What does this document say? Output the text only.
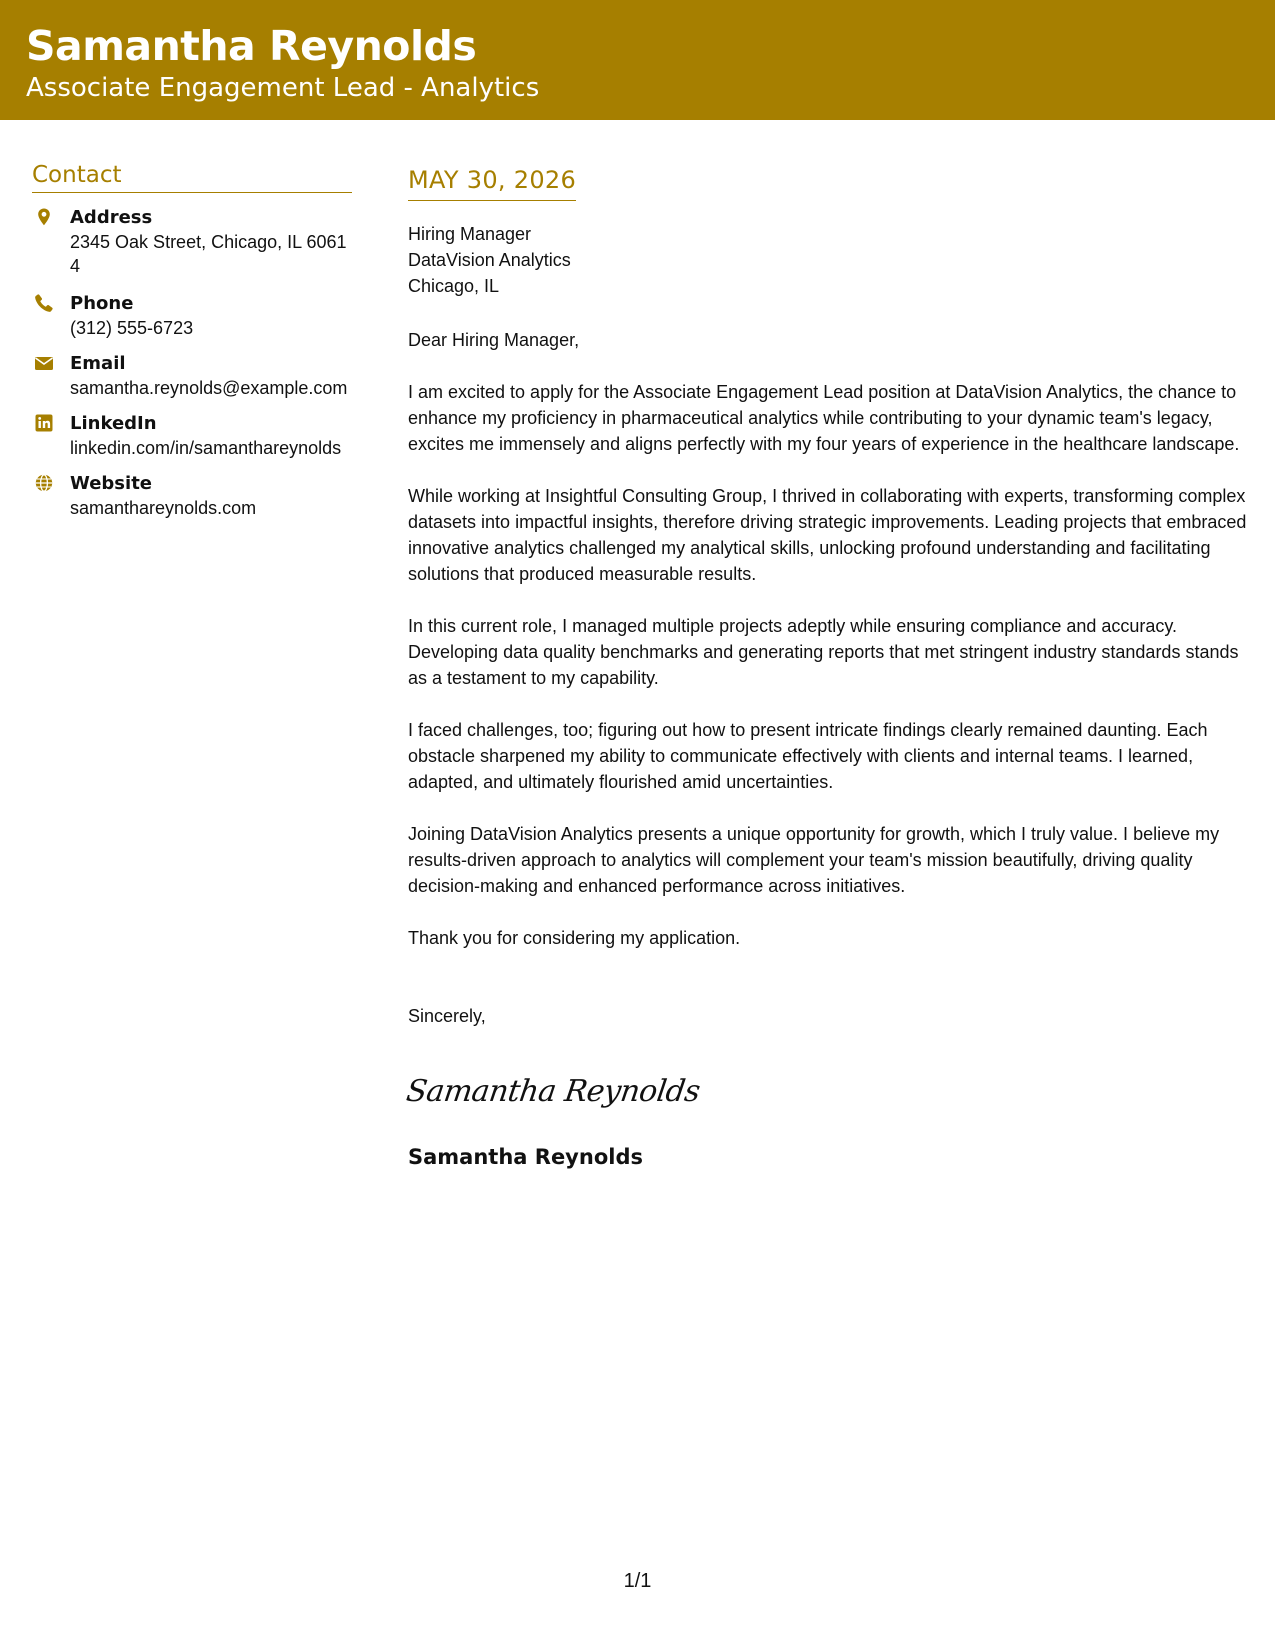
Samantha Reynolds
Associate Engagement Lead - Analytics
Contact
Address
2345 Oak Street, Chicago, IL 60614
Phone
(312) 555-6723
Email
samantha.reynolds@example.com
LinkedIn
linkedin.com/in/samanthareynolds
Website
samanthareynolds.com
MAY 30, 2026
Hiring Manager
DataVision Analytics
Chicago, IL

Dear Hiring Manager,

I am excited to apply for the Associate Engagement Lead position at DataVision Analytics, the chance to enhance my proficiency in pharmaceutical analytics while contributing to your dynamic team's legacy, excites me immensely and aligns perfectly with my four years of experience in the healthcare landscape.

While working at Insightful Consulting Group, I thrived in collaborating with experts, transforming complex datasets into impactful insights, therefore driving strategic improvements. Leading projects that embraced innovative analytics challenged my analytical skills, unlocking profound understanding and facilitating solutions that produced measurable results.

In this current role, I managed multiple projects adeptly while ensuring compliance and accuracy. Developing data quality benchmarks and generating reports that met stringent industry standards stands as a testament to my capability.

I faced challenges, too; figuring out how to present intricate findings clearly remained daunting. Each obstacle sharpened my ability to communicate effectively with clients and internal teams. I learned, adapted, and ultimately flourished amid uncertainties.

Joining DataVision Analytics presents a unique opportunity for growth, which I truly value. I believe my results-driven approach to analytics will complement your team's mission beautifully, driving quality decision-making and enhanced performance across initiatives.

Thank you for considering my application.

Sincerely,

Samantha Reynolds
Samantha Reynolds
1/1
